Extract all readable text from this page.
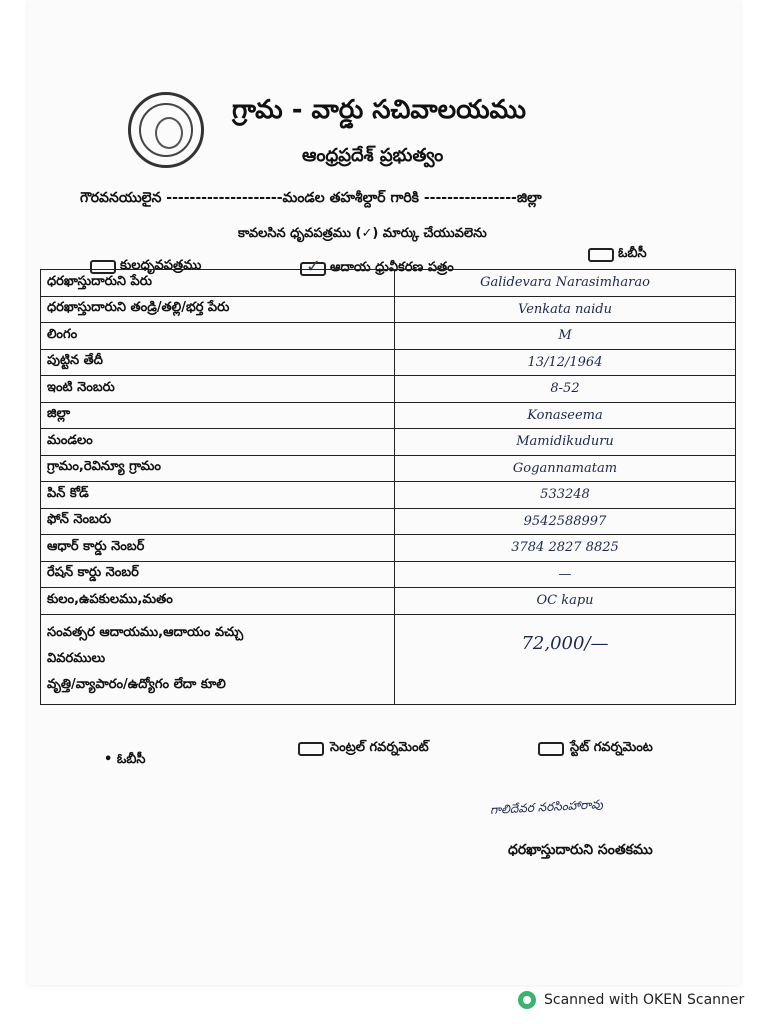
గ్రామ - వార్డు సచివాలయము
ఆంధ్రప్రదేశ్ ప్రభుత్వం
గౌరవనయులైన --------------------మండల తహశీల్దార్ గారికి ----------------జిల్లా
కావలసిన ధృవపత్రము (✓) మార్కు చేయువలెను
కులధృవపత్రము	✓ ఆదాయ ధ్రువీకరణ పత్రం
ఓబీసీ
ధరఖాస్తుదారుని పేరు	Galidevara Narasimharao
ధరఖాస్తుదారుని తండ్రి/తల్లి/భర్త పేరు	Venkata naidu
లింగం	M
పుట్టిన తేదీ	13/12/1964
ఇంటి నెంబరు	8-52
జిల్లా	Konaseema
మండలం	Mamidikuduru
గ్రామం,రెవిన్యూ గ్రామం	Gogannamatam
పిన్ కోడ్	533248
ఫోన్ నెంబరు	9542588997
ఆధార్ కార్డు నెంబర్	3784 2827 8825
రేషన్ కార్డు నెంబర్	—
కులం,ఉపకులము,మతం	OC kapu

సంవత్సర ఆదాయము,ఆదాయం వచ్చు
వివరములు
వృత్తి/వ్యాపారం/ఉద్యోగం లేదా కూలి	72,000/—
• ఓబీసీ
సెంట్రల్ గవర్నమెంట్	స్టేట్ గవర్నమెంట
గాలిదేవర నరసింహారావు
ధరఖాస్తుదారుని సంతకము
Scanned with OKEN Scanner
